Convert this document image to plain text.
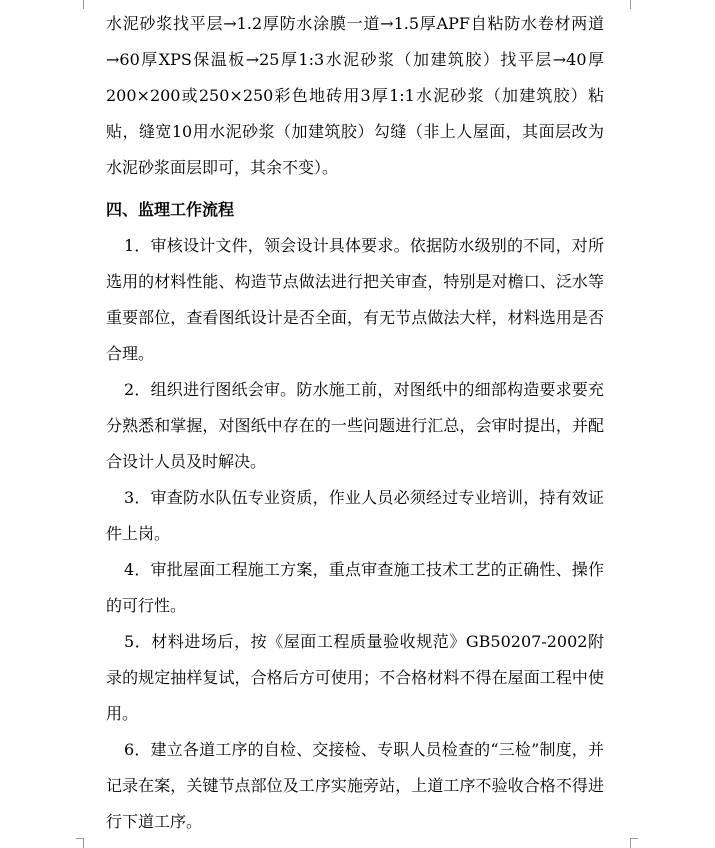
水泥砂浆找平层→1.2厚防水涂膜一道→1.5厚APF自粘防水卷材两道→60厚XPS保温板→25厚1:3水泥砂浆（加建筑胶）找平层→40厚200×200或250×250彩色地砖用3厚1:1水泥砂浆（加建筑胶）粘贴，缝宽10用水泥砂浆（加建筑胶）勾缝（非上人屋面，其面层改为水泥砂浆面层即可，其余不变）。

四、监理工作流程

1．审核设计文件，领会设计具体要求。依据防水级别的不同，对所选用的材料性能、构造节点做法进行把关审查，特别是对檐口、泛水等重要部位，查看图纸设计是否全面，有无节点做法大样，材料选用是否合理。

2．组织进行图纸会审。防水施工前，对图纸中的细部构造要求要充分熟悉和掌握，对图纸中存在的一些问题进行汇总，会审时提出，并配合设计人员及时解决。

3．审查防水队伍专业资质，作业人员必须经过专业培训，持有效证件上岗。

4．审批屋面工程施工方案，重点审查施工技术工艺的正确性、操作的可行性。

5．材料进场后，按《屋面工程质量验收规范》GB50207-2002附录的规定抽样复试，合格后方可使用；不合格材料不得在屋面工程中使用。

6．建立各道工序的自检、交接检、专职人员检查的“三检”制度，并记录在案，关键节点部位及工序实施旁站，上道工序不验收合格不得进行下道工序。
